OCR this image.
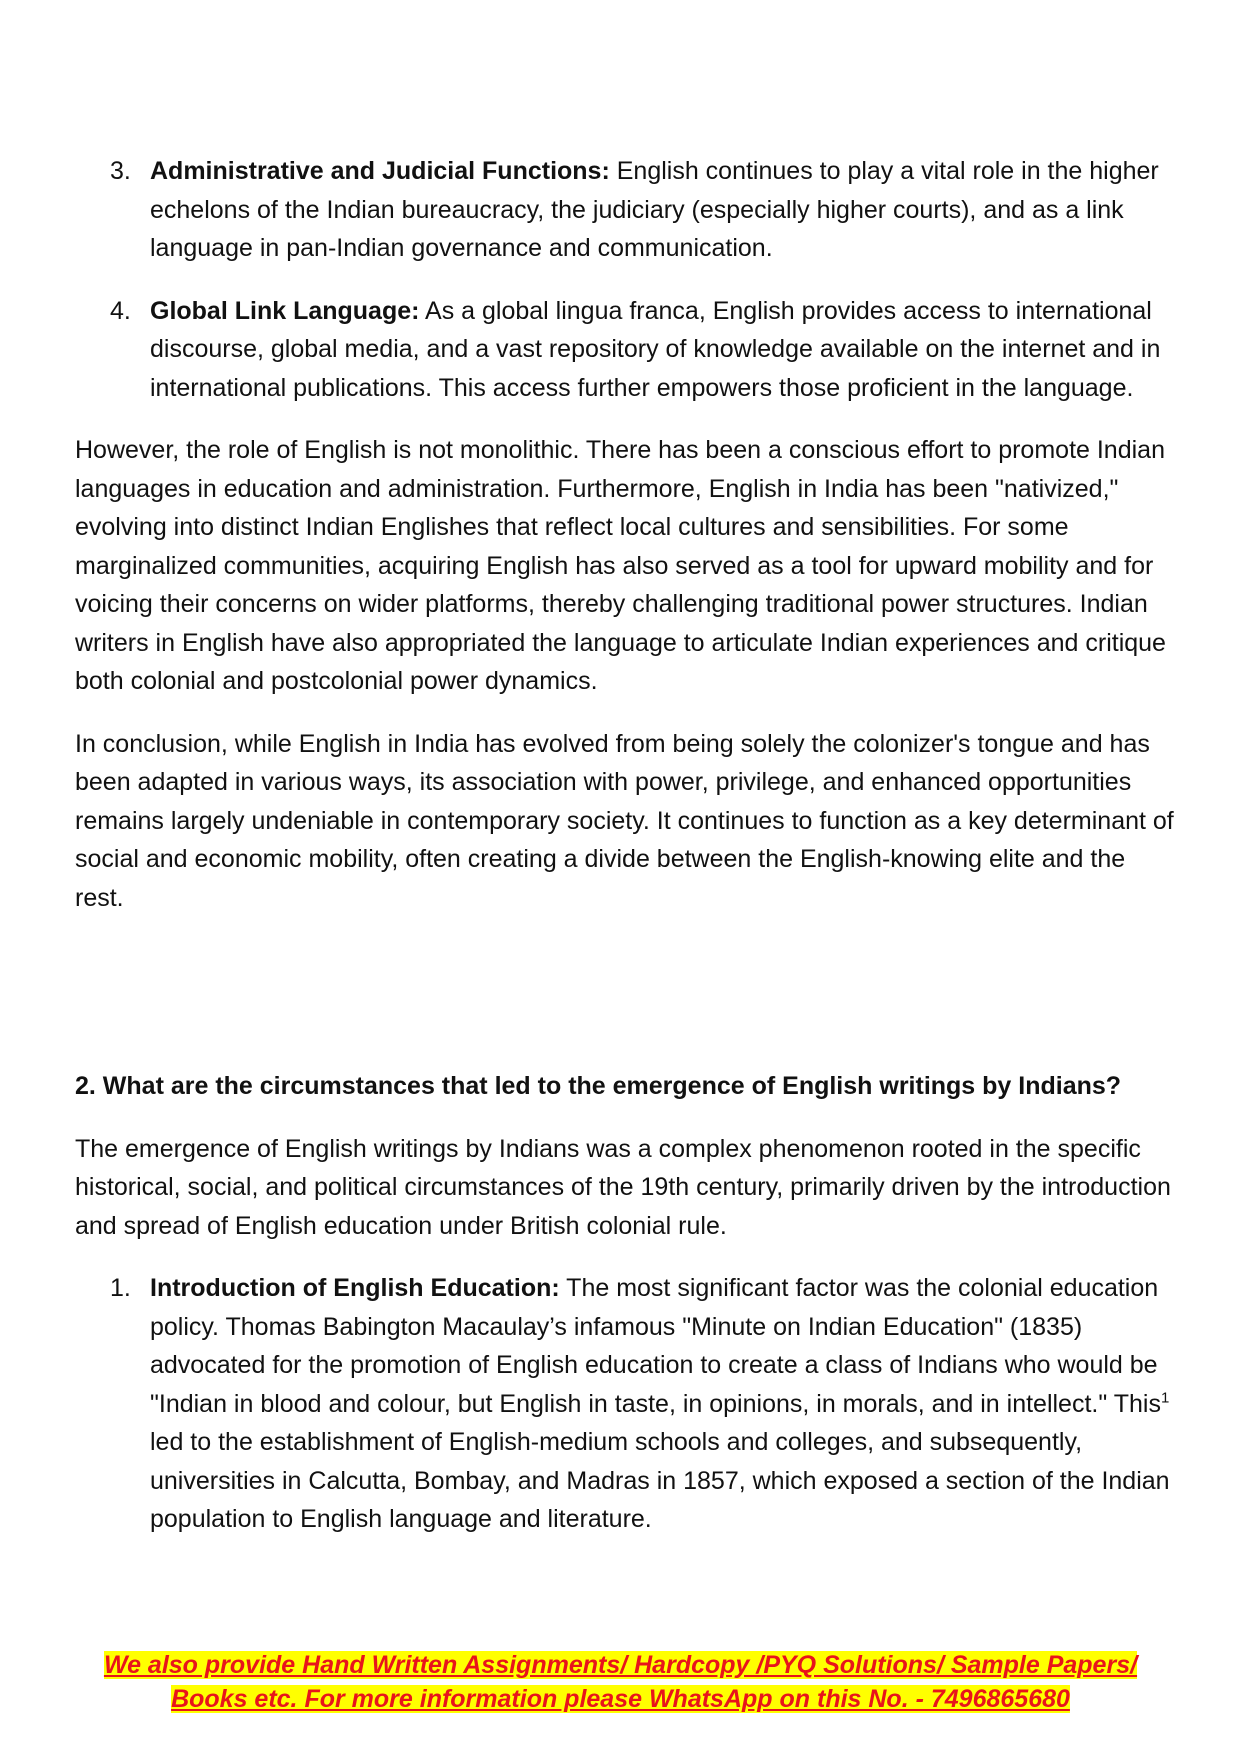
3. Administrative and Judicial Functions: English continues to play a vital role in the higher echelons of the Indian bureaucracy, the judiciary (especially higher courts), and as a link language in pan-Indian governance and communication.
4. Global Link Language: As a global lingua franca, English provides access to international discourse, global media, and a vast repository of knowledge available on the internet and in international publications. This access further empowers those proficient in the language.

However, the role of English is not monolithic. There has been a conscious effort to promote Indian languages in education and administration. Furthermore, English in India has been "nativized," evolving into distinct Indian Englishes that reflect local cultures and sensibilities. For some marginalized communities, acquiring English has also served as a tool for upward mobility and for voicing their concerns on wider platforms, thereby challenging traditional power structures. Indian writers in English have also appropriated the language to articulate Indian experiences and critique both colonial and postcolonial power dynamics.

In conclusion, while English in India has evolved from being solely the colonizer's tongue and has been adapted in various ways, its association with power, privilege, and enhanced opportunities remains largely undeniable in contemporary society. It continues to function as a key determinant of social and economic mobility, often creating a divide between the English-knowing elite and the rest.

2. What are the circumstances that led to the emergence of English writings by Indians?

The emergence of English writings by Indians was a complex phenomenon rooted in the specific historical, social, and political circumstances of the 19th century, primarily driven by the introduction and spread of English education under British colonial rule.

1. Introduction of English Education: The most significant factor was the colonial education policy. Thomas Babington Macaulay’s infamous "Minute on Indian Education" (1835) advocated for the promotion of English education to create a class of Indians who would be "Indian in blood and colour, but English in taste, in opinions, in morals, and in intellect." This$^1$ led to the establishment of English-medium schools and colleges, and subsequently, universities in Calcutta, Bombay, and Madras in 1857, which exposed a section of the Indian population to English language and literature.
We also provide Hand Written Assignments/ Hardcopy /PYQ Solutions/ Sample Papers/
Books etc. For more information please WhatsApp on this No. - 7496865680
